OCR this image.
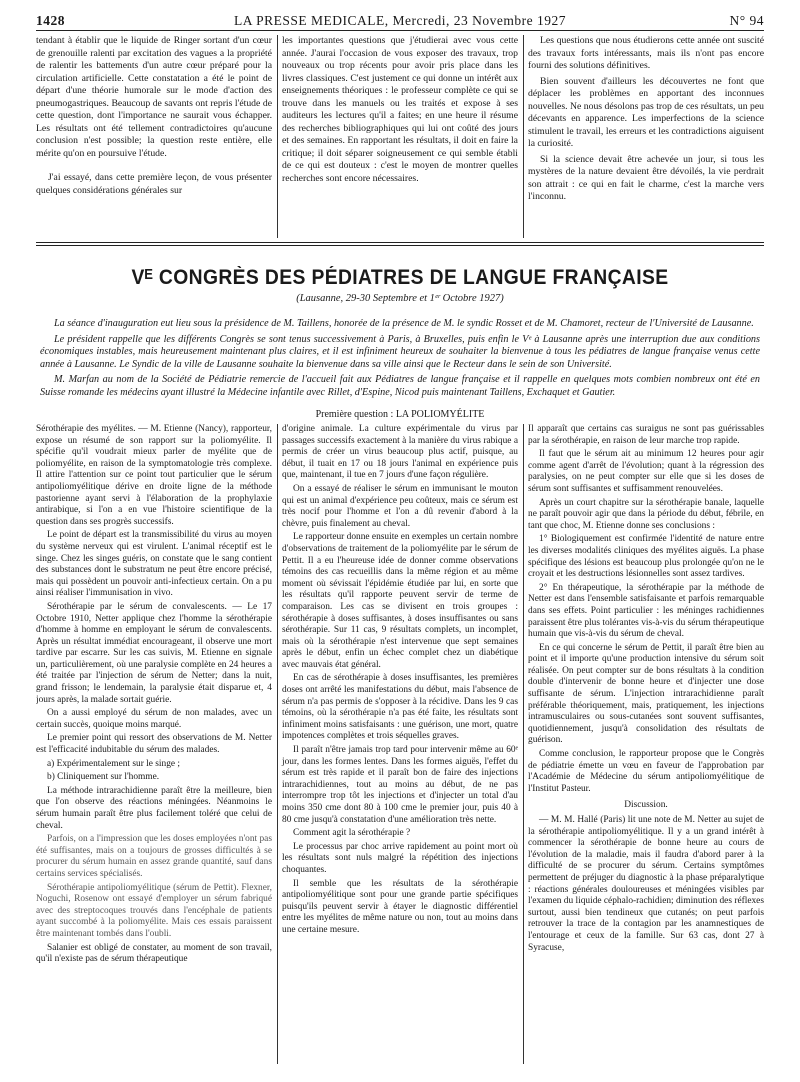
1428	LA PRESSE MEDICALE, Mercredi, 23 Novembre 1927	N° 94

tendant à établir que le liquide de Ringer sortant d'un cœur de grenouille ralenti par excitation des vagues a la propriété de ralentir les battements d'un autre cœur préparé pour la circulation artificielle. Cette constatation a été le point de départ d'une théorie humorale sur le mode d'action des pneumogastriques. Beaucoup de savants ont repris l'étude de cette question, dont l'importance ne saurait vous échapper. Les résultats ont été tellement contradictoires qu'aucune conclusion n'est possible; la question reste entière, elle mérite qu'on en poursuive l'étude.

J'ai essayé, dans cette première leçon, de vous présenter quelques considérations générales sur

les importantes questions que j'étudierai avec vous cette année. J'aurai l'occasion de vous exposer des travaux, trop nouveaux ou trop récents pour avoir pris place dans les livres classiques. C'est justement ce qui donne un intérêt aux enseignements théoriques : le professeur complète ce qui se trouve dans les manuels ou les traités et expose à ses auditeurs les lectures qu'il a faites; en une heure il résume des recherches bibliographiques qui lui ont coûté des jours et des semaines. En rapportant les résultats, il doit en faire la critique; il doit séparer soigneusement ce qui semble établi de ce qui est douteux : c'est le moyen de montrer quelles recherches sont encore nécessaires.

Les questions que nous étudierons cette année ont suscité des travaux forts intéressants, mais ils n'ont pas encore fourni des solutions définitives.

Bien souvent d'ailleurs les découvertes ne font que déplacer les problèmes en apportant des inconnues nouvelles. Ne nous désolons pas trop de ces résultats, un peu décevants en apparence. Les imperfections de la science stimulent le travail, les erreurs et les contradictions aiguisent la curiosité.

Si la science devait être achevée un jour, si tous les mystères de la nature devaient être dévoilés, la vie perdrait son attrait : ce qui en fait le charme, c'est la marche vers l'inconnu.

Vᴱ CONGRÈS DES PÉDIATRES DE LANGUE FRANÇAISE
(Lausanne, 29-30 Septembre et 1ᵉʳ Octobre 1927)

La séance d'inauguration eut lieu sous la présidence de M. Taillens, honorée de la présence de M. le syndic Rosset et de M. Chamoret, recteur de l'Université de Lausanne.

Le président rappelle que les différents Congrès se sont tenus successivement à Paris, à Bruxelles, puis enfin le Vᵉ à Lausanne après une interruption due aux conditions économiques instables, mais heureusement maintenant plus claires, et il est infiniment heureux de souhaiter la bienvenue à tous les pédiatres de langue française venus cette année à Lausanne. Le Syndic de la ville de Lausanne souhaite la bienvenue dans sa ville ainsi que le Recteur dans le sein de son Université.

M. Marfan au nom de la Société de Pédiatrie remercie de l'accueil fait aux Pédiatres de langue française et il rappelle en quelques mots combien nombreux ont été en Suisse romande les médecins ayant illustré la Médecine infantile avec Rillet, d'Espine, Nicod puis maintenant Taillens, Exchaquet et Gautier.

Première question : LA POLIOMYÉLITE

Sérothérapie des myélites. — M. Etienne (Nancy), rapporteur, expose un résumé de son rapport sur la poliomyélite. Il spécifie qu'il voudrait mieux parler de myélite que de poliomyélite, en raison de la symptomatologie très complexe. Il attire l'attention sur ce point tout particulier que le sérum antipoliomyélitique dérive en droite ligne de la méthode pastorienne ayant servi à l'élaboration de la prophylaxie antirabique, si l'on a en vue l'histoire scientifique de la question dans ses progrès successifs.

Le point de départ est la transmissibilité du virus au moyen du système nerveux qui est virulent. L'animal réceptif est le singe. Chez les singes guéris, on constate que le sang contient des substances dont le substratum ne peut être encore précisé, mais qui possèdent un pouvoir anti-infectieux certain. On a pu ainsi réaliser l'immunisation in vivo.

Sérothérapie par le sérum de convalescents. — Le 17 Octobre 1910, Netter applique chez l'homme la sérothérapie d'homme à homme en employant le sérum de convalescents. Après un résultat immédiat encourageant, il observe une mort tardive par escarre. Sur les cas suivis, M. Etienne en signale un, particulièrement, où une paralysie complète en 24 heures a été traitée par l'injection de sérum de Netter; dans la nuit, grand frisson; le lendemain, la paralysie était disparue et, 4 jours après, la malade sortait guérie.

On a aussi employé du sérum de non malades, avec un certain succès, quoique moins marqué.

Le premier point qui ressort des observations de M. Netter est l'efficacité indubitable du sérum des malades.

a) Expérimentalement sur le singe ;

b) Cliniquement sur l'homme.

La méthode intrarachidienne paraît être la meilleure, bien que l'on observe des réactions méningées. Néanmoins le sérum humain paraît être plus facilement toléré que celui de cheval.

Parfois, on a l'impression que les doses employées n'ont pas été suffisantes, mais on a toujours de grosses difficultés à se procurer du sérum humain en assez grande quantité, sauf dans certains services spécialisés.

Sérothérapie antipoliomyélitique (sérum de Pettit). Flexner, Noguchi, Rosenow ont essayé d'employer un sérum fabriqué avec des streptocoques trouvés dans l'encéphale de patients ayant succombé à la poliomyélite. Mais ces essais paraissent être maintenant tombés dans l'oubli.

Salanier est obligé de constater, au moment de son travail, qu'il n'existe pas de sérum thérapeutique

d'origine animale. La culture expérimentale du virus par passages successifs exactement à la manière du virus rabique a permis de créer un virus beaucoup plus actif, puisque, au début, il tuait en 17 ou 18 jours l'animal en expérience puis que, maintenant, il tue en 7 jours d'une façon régulière.

On a essayé de réaliser le sérum en immunisant le mouton qui est un animal d'expérience peu coûteux, mais ce sérum est très nocif pour l'homme et l'on a dû revenir d'abord à la chèvre, puis finalement au cheval.

Le rapporteur donne ensuite en exemples un certain nombre d'observations de traitement de la poliomyélite par le sérum de Pettit. Il a eu l'heureuse idée de donner comme observations témoins des cas recueillis dans la même région et au même moment où sévissait l'épidémie étudiée par lui, en sorte que les résultats qu'il rapporte peuvent servir de terme de comparaison. Les cas se divisent en trois groupes : sérothérapie à doses suffisantes, à doses insuffisantes ou sans sérothérapie. Sur 11 cas, 9 résultats complets, un incomplet, mais où la sérothérapie n'est intervenue que sept semaines après le début, enfin un échec complet chez un diabétique avec mauvais état général.

En cas de sérothérapie à doses insuffisantes, les premières doses ont arrêté les manifestations du début, mais l'absence de sérum n'a pas permis de s'opposer à la récidive. Dans les 9 cas témoins, où la sérothérapie n'a pas été faite, les résultats sont infiniment moins satisfaisants : une guérison, une mort, quatre impotences complètes et trois séquelles graves.

Il paraît n'être jamais trop tard pour intervenir même au 60ᵉ jour, dans les formes lentes. Dans les formes aiguës, l'effet du sérum est très rapide et il paraît bon de faire des injections intrarachidiennes, tout au moins au début, de ne pas interrompre trop tôt les injections et d'injecter un total d'au moins 350 cme dont 80 à 100 cme le premier jour, puis 40 à 80 cme jusqu'à constatation d'une amélioration très nette.

Comment agit la sérothérapie ?

Le processus par choc arrive rapidement au point mort où les résultats sont nuls malgré la répétition des injections choquantes.

Il semble que les résultats de la sérothérapie antipoliomyélitique sont pour une grande partie spécifiques puisqu'ils peuvent servir à étayer le diagnostic différentiel entre les myélites de même nature ou non, tout au moins dans une certaine mesure.

Il apparaît que certains cas suraigus ne sont pas guérissables par la sérothérapie, en raison de leur marche trop rapide.

Il faut que le sérum ait au minimum 12 heures pour agir comme agent d'arrêt de l'évolution; quant à la régression des paralysies, on ne peut compter sur elle que si les doses de sérum sont suffisantes et suffisamment renouvelées.

Après un court chapitre sur la sérothérapie banale, laquelle ne paraît pouvoir agir que dans la période du début, fébrile, en tant que choc, M. Etienne donne ses conclusions :

1° Biologiquement est confirmée l'identité de nature entre les diverses modalités cliniques des myélites aiguës. La phase spécifique des lésions est beaucoup plus prolongée qu'on ne le croyait et les destructions lésionnelles sont assez tardives.

2° En thérapeutique, la sérothérapie par la méthode de Netter est dans l'ensemble satisfaisante et parfois remarquable dans ses effets. Point particulier : les méninges rachidiennes paraissent être plus tolérantes vis-à-vis du sérum thérapeutique humain que vis-à-vis du sérum de cheval.

En ce qui concerne le sérum de Pettit, il paraît être bien au point et il importe qu'une production intensive du sérum soit réalisée. On peut compter sur de bons résultats à la condition double d'intervenir de bonne heure et d'injecter une dose suffisante de sérum. L'injection intrarachidienne paraît préférable théoriquement, mais, pratiquement, les injections intramusculaires ou sous-cutanées sont souvent suffisantes, quotidiennement, jusqu'à consolidation des résultats de guérison.

Comme conclusion, le rapporteur propose que le Congrès de pédiatrie émette un vœu en faveur de l'approbation par l'Académie de Médecine du sérum antipoliomyélitique de l'Institut Pasteur.

Discussion.

— M. M. Hallé (Paris) lit une note de M. Netter au sujet de la sérothérapie antipoliomyélitique. Il y a un grand intérêt à commencer la sérothérapie de bonne heure au cours de l'évolution de la maladie, mais il faudra d'abord parer à la difficulté de se procurer du sérum. Certains symptômes permettent de préjuger du diagnostic à la phase préparalytique : réactions générales douloureuses et méningées visibles par l'examen du liquide céphalo-rachidien; diminution des réflexes surtout, aussi bien tendineux que cutanés; on peut parfois retrouver la trace de la contagion par les anamnestiques de l'entourage et ceux de la famille. Sur 63 cas, dont 27 à Syracuse,
